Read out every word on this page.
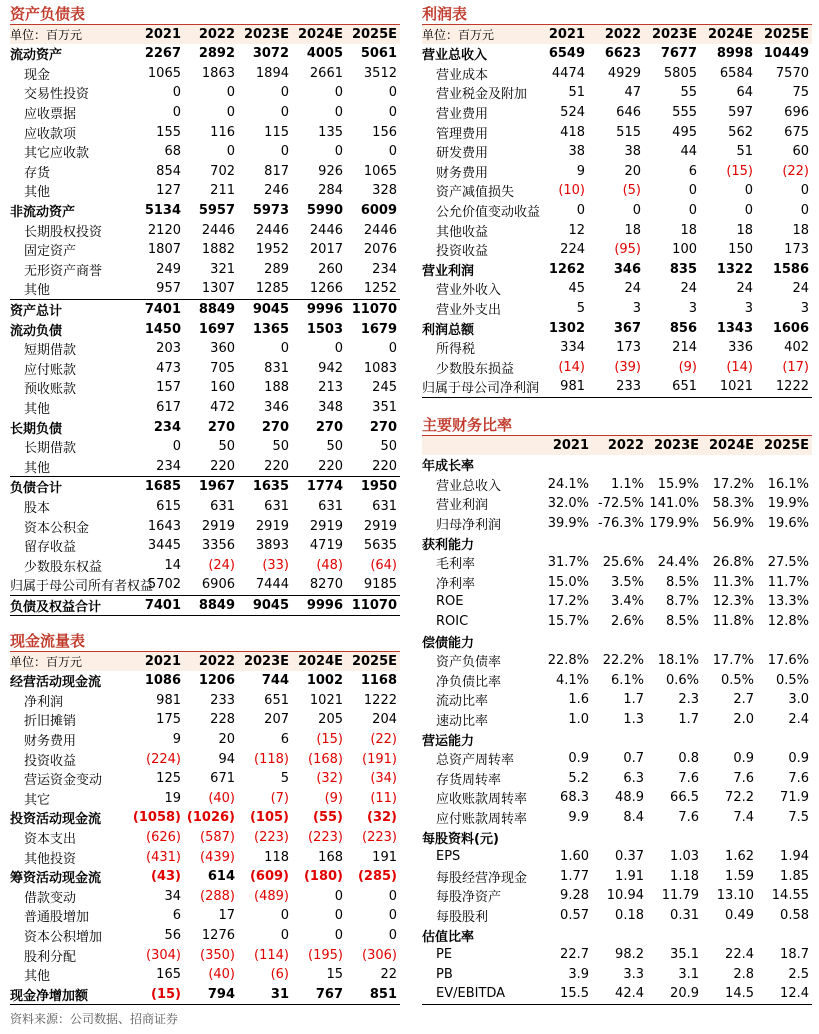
资产负债表
单位：百万元	2021	2022	2023E	2024E	2025E
流动资产	2267	2892	3072	4005	5061
现金	1065	1863	1894	2661	3512
交易性投资	0	0	0	0	0
应收票据	0	0	0	0	0
应收款项	155	116	115	135	156
其它应收款	68	0	0	0	0
存货	854	702	817	926	1065
其他	127	211	246	284	328
非流动资产	5134	5957	5973	5990	6009
长期股权投资	2120	2446	2446	2446	2446
固定资产	1807	1882	1952	2017	2076
无形资产商誉	249	321	289	260	234
其他	957	1307	1285	1266	1252
资产总计	7401	8849	9045	9996	11070
流动负债	1450	1697	1365	1503	1679
短期借款	203	360	0	0	0
应付账款	473	705	831	942	1083
预收账款	157	160	188	213	245
其他	617	472	346	348	351
长期负债	234	270	270	270	270
长期借款	0	50	50	50	50
其他	234	220	220	220	220
负债合计	1685	1967	1635	1774	1950
股本	615	631	631	631	631
资本公积金	1643	2919	2919	2919	2919
留存收益	3445	3356	3893	4719	5635
少数股东权益	14	(24)	(33)	(48)	(64)
归属于母公司所有者权益	5702	6906	7444	8270	9185
负债及权益合计	7401	8849	9045	9996	11070
现金流量表
单位：百万元	2021	2022	2023E	2024E	2025E
经营活动现金流	1086	1206	744	1002	1168
净利润	981	233	651	1021	1222
折旧摊销	175	228	207	205	204
财务费用	9	20	6	(15)	(22)
投资收益	(224)	94	(118)	(168)	(191)
营运资金变动	125	671	5	(32)	(34)
其它	19	(40)	(7)	(9)	(11)
投资活动现金流	(1058)	(1026)	(105)	(55)	(32)
资本支出	(626)	(587)	(223)	(223)	(223)
其他投资	(431)	(439)	118	168	191
筹资活动现金流	(43)	614	(609)	(180)	(285)
借款变动	34	(288)	(489)	0	0
普通股增加	6	17	0	0	0
资本公积增加	56	1276	0	0	0
股利分配	(304)	(350)	(114)	(195)	(306)
其他	165	(40)	(6)	15	22
现金净增加额	(15)	794	31	767	851
利润表
单位：百万元	2021	2022	2023E	2024E	2025E
营业总收入	6549	6623	7677	8998	10449
营业成本	4474	4929	5805	6584	7570
营业税金及附加	51	47	55	64	75
营业费用	524	646	555	597	696
管理费用	418	515	495	562	675
研发费用	38	38	44	51	60
财务费用	9	20	6	(15)	(22)
资产减值损失	(10)	(5)	0	0	0
公允价值变动收益	0	0	0	0	0
其他收益	12	18	18	18	18
投资收益	224	(95)	100	150	173
营业利润	1262	346	835	1322	1586
营业外收入	45	24	24	24	24
营业外支出	5	3	3	3	3
利润总额	1302	367	856	1343	1606
所得税	334	173	214	336	402
少数股东损益	(14)	(39)	(9)	(14)	(17)
归属于母公司净利润	981	233	651	1021	1222
主要财务比率
	2021	2022	2023E	2024E	2025E
年成长率					
营业总收入	24.1%	1.1%	15.9%	17.2%	16.1%
营业利润	32.0%	-72.5%	141.0%	58.3%	19.9%
归母净利润	39.9%	-76.3%	179.9%	56.9%	19.6%
获利能力					
毛利率	31.7%	25.6%	24.4%	26.8%	27.5%
净利率	15.0%	3.5%	8.5%	11.3%	11.7%
ROE	17.2%	3.4%	8.7%	12.3%	13.3%
ROIC	15.7%	2.6%	8.5%	11.8%	12.8%
偿债能力					
资产负债率	22.8%	22.2%	18.1%	17.7%	17.6%
净负债比率	4.1%	6.1%	0.6%	0.5%	0.5%
流动比率	1.6	1.7	2.3	2.7	3.0
速动比率	1.0	1.3	1.7	2.0	2.4
营运能力					
总资产周转率	0.9	0.7	0.8	0.9	0.9
存货周转率	5.2	6.3	7.6	7.6	7.6
应收账款周转率	68.3	48.9	66.5	72.2	71.9
应付账款周转率	9.9	8.4	7.6	7.4	7.5
每股资料(元)					
EPS	1.60	0.37	1.03	1.62	1.94
每股经营净现金	1.77	1.91	1.18	1.59	1.85
每股净资产	9.28	10.94	11.79	13.10	14.55
每股股利	0.57	0.18	0.31	0.49	0.58
估值比率					
PE	22.7	98.2	35.1	22.4	18.7
PB	3.9	3.3	3.1	2.8	2.5
EV/EBITDA	15.5	42.4	20.9	14.5	12.4
资料来源：公司数据、招商证券
